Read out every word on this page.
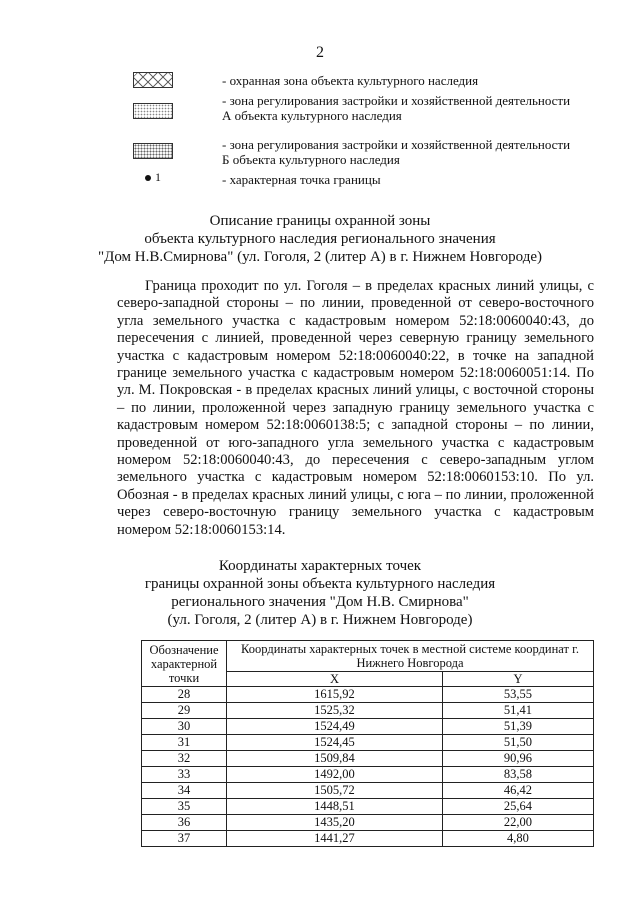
2
- охранная зона объекта культурного наследия
- зона регулирования застройки и хозяйственной деятельности
А объекта культурного наследия
- зона регулирования застройки и хозяйственной деятельности
Б объекта культурного наследия
1	- характерная точка границы
Описание границы охранной зоны
объекта культурного наследия регионального значения
"Дом Н.В.Смирнова" (ул. Гоголя, 2 (литер А) в г. Нижнем Новгороде)
Граница проходит по ул. Гоголя – в пределах красных линий улицы, с северо-западной стороны – по линии, проведенной от северо-восточного угла земельного участка с кадастровым номером 52:18:0060040:43, до пересечения с линией, проведенной через северную границу земельного участка с кадастровым номером 52:18:0060040:22, в точке на западной границе земельного участка с кадастровым номером 52:18:0060051:14. По ул. М. Покровская - в пределах красных линий улицы, с восточной стороны – по линии, проложенной через западную границу земельного участка с кадастровым номером 52:18:0060138:5; с западной стороны – по линии, проведенной от юго-западного угла земельного участка с кадастровым номером 52:18:0060040:43, до пересечения с северо-западным углом земельного участка с кадастровым номером 52:18:0060153:10. По ул. Обозная - в пределах красных линий улицы, с юга – по линии, проложенной через северо-восточную границу земельного участка с кадастровым номером 52:18:0060153:14.
Координаты характерных точек
границы охранной зоны объекта культурного наследия
регионального значения "Дом Н.В. Смирнова"
(ул. Гоголя, 2 (литер А) в г. Нижнем Новгороде)
Обозначение характерной точки	Координаты характерных точек в местной системе координат г. Нижнего Новгорода	
	X	Y
28	1615,92	53,55
29	1525,32	51,41
30	1524,49	51,39
31	1524,45	51,50
32	1509,84	90,96
33	1492,00	83,58
34	1505,72	46,42
35	1448,51	25,64
36	1435,20	22,00
37	1441,27	4,80
